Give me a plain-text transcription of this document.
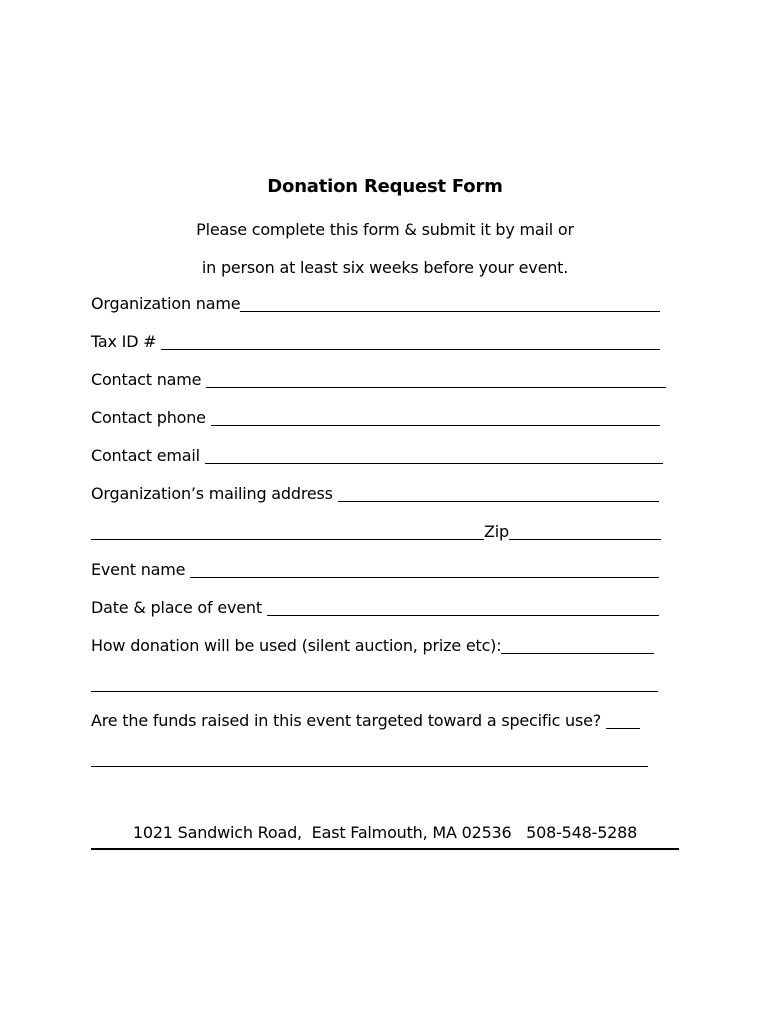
Donation Request Form
Please complete this form & submit it by mail or
in person at least six weeks before your event.
Organization name
Tax ID #
Contact name
Contact phone
Contact email
Organization’s mailing address
Zip
Event name
Date & place of event
How donation will be used (silent auction, prize etc):
Are the funds raised in this event targeted toward a specific use?
1021 Sandwich Road,  East Falmouth, MA 02536   508-548-5288
